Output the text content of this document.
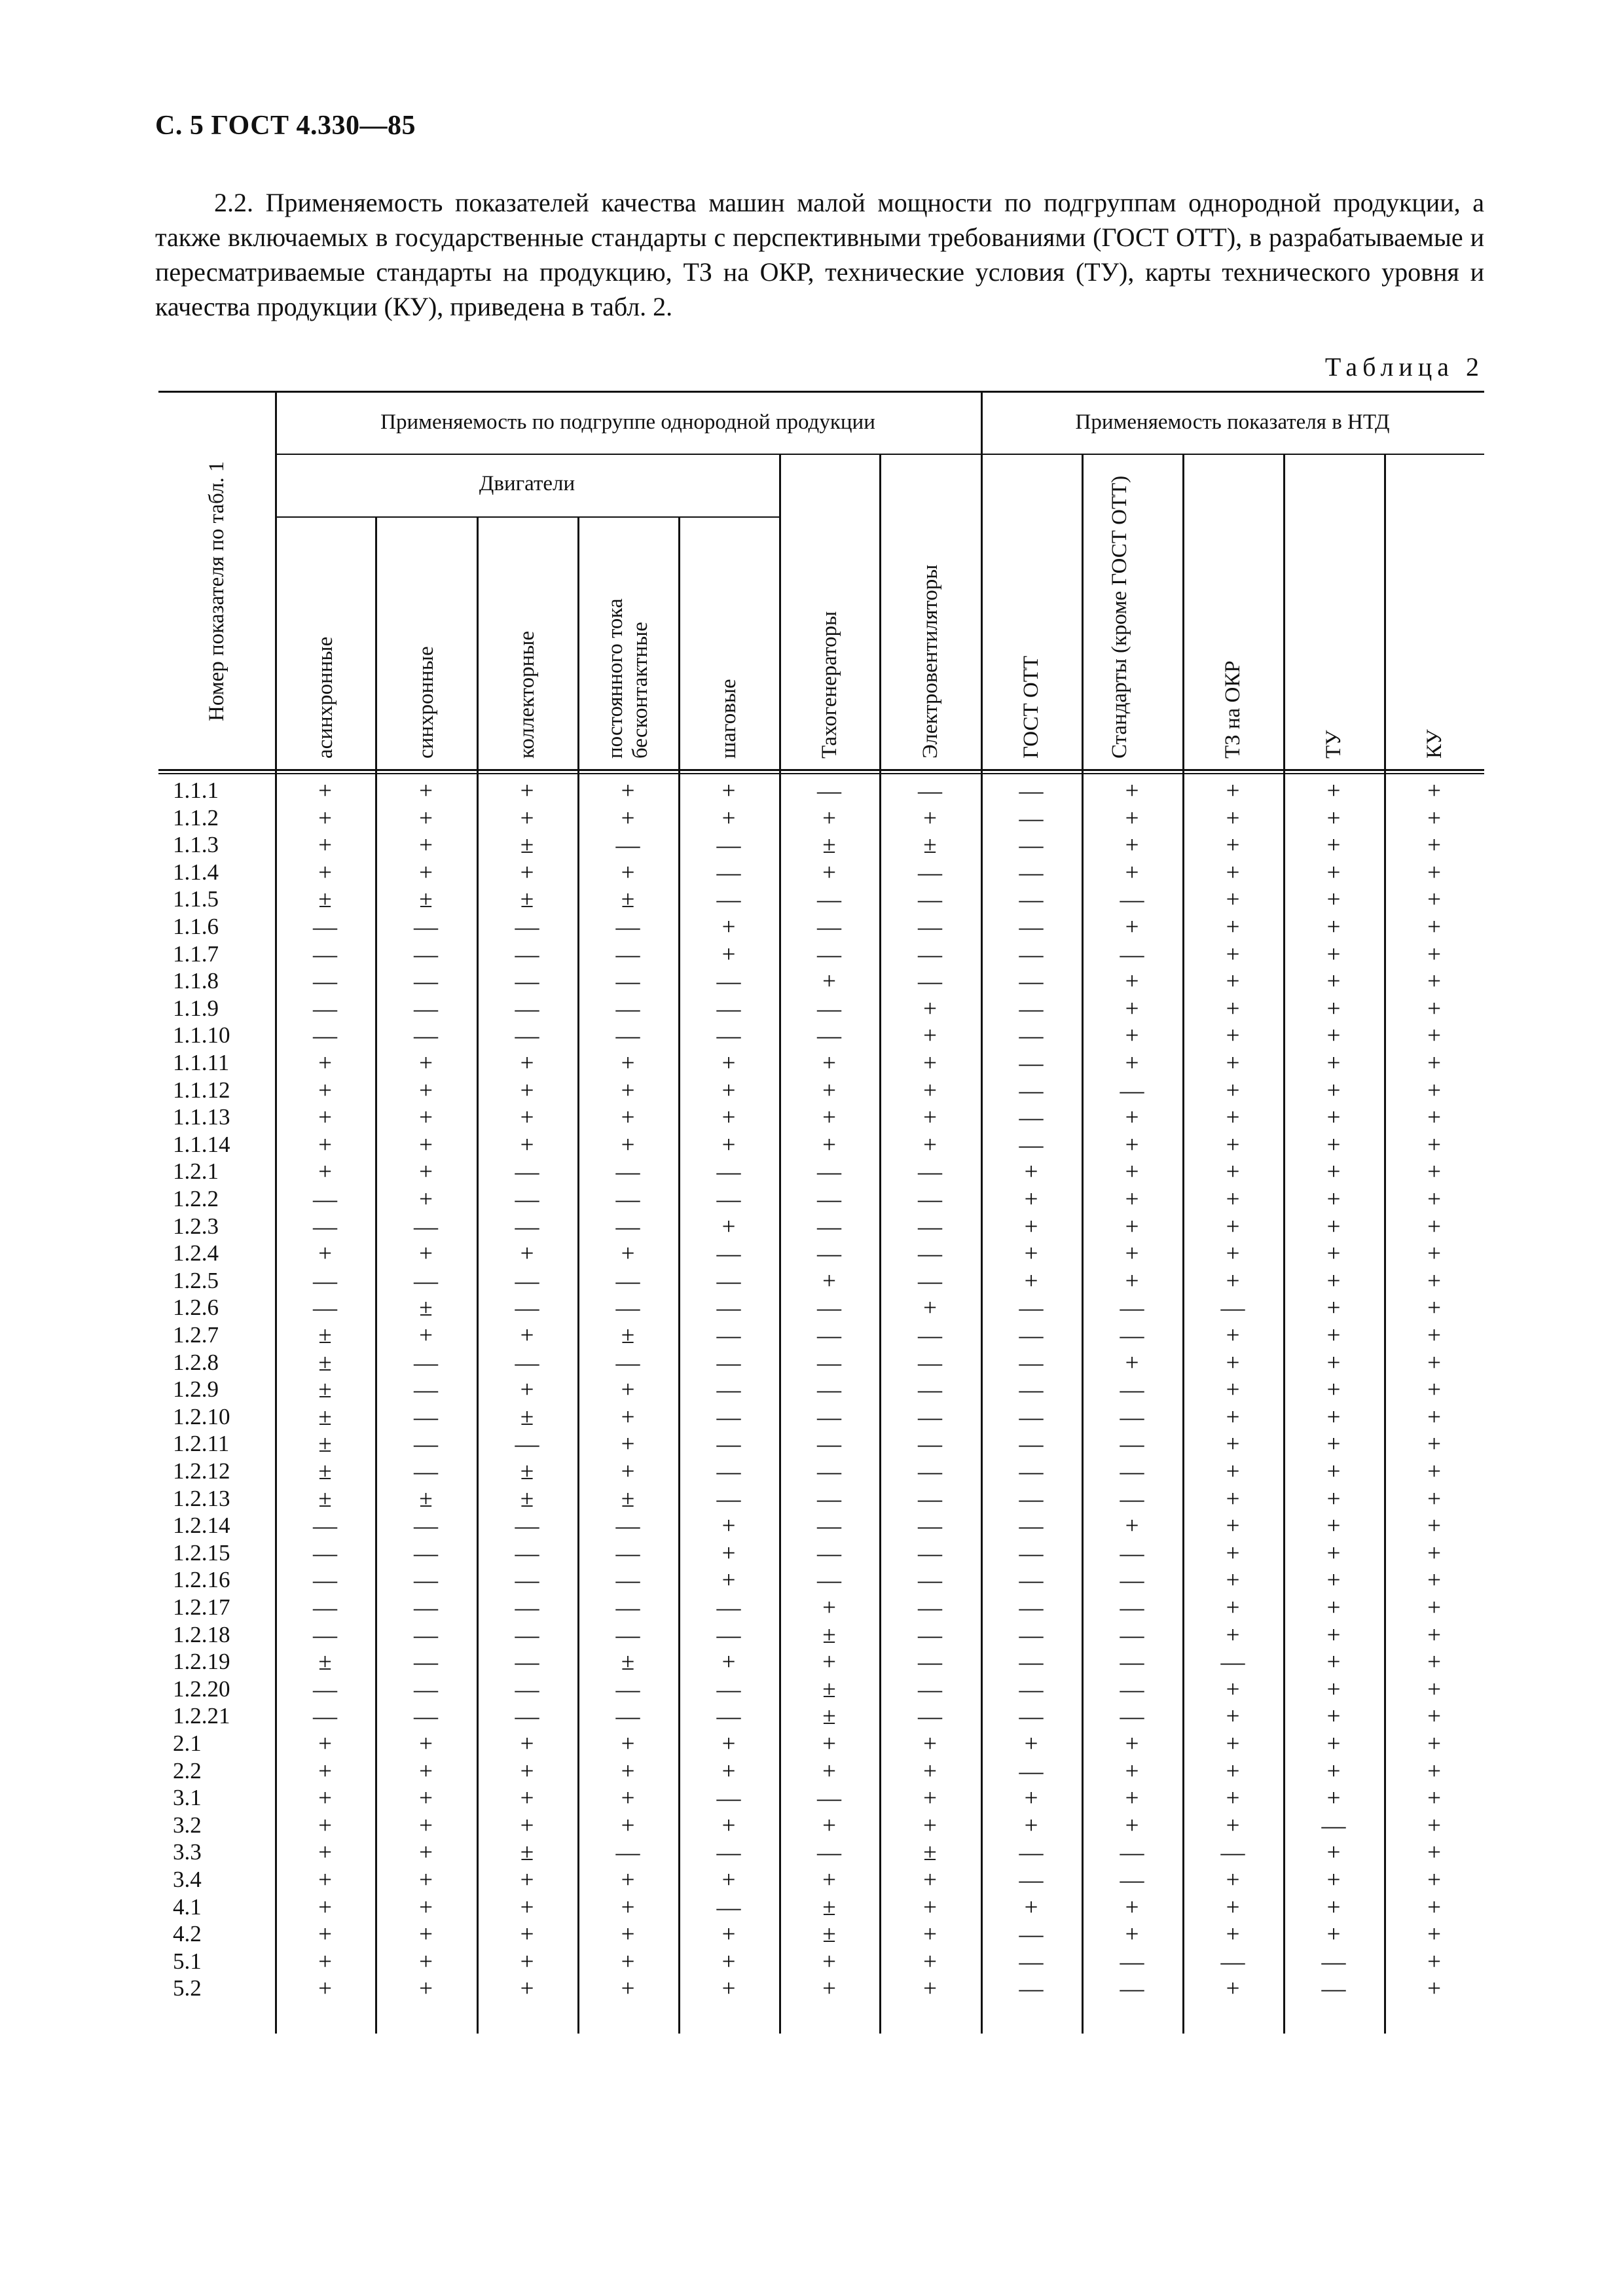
С. 5 ГОСТ 4.330—85
2.2. Применяемость показателей качества машин малой мощности по подгруппам однородной продукции, а также включаемых в государственные стандарты с перспективными требованиями (ГОСТ ОТТ), в разрабатываемые и пересматриваемые стандарты на продукцию, ТЗ на ОКР, технические условия (ТУ), карты технического уровня и качества продукции (КУ), приведена в табл. 2.
Таблица 2
Применяемость по подгруппе однородной продукции	Применяемость показателя в НТД
Двигатели
Номер показателя по табл. 1	асинхронные	синхронные	коллекторные	постоянного тока бесконтактные	шаговые	Тахогенераторы	Электровентиляторы	ГОСТ ОТТ	Стандарты (кроме ГОСТ ОТТ)	ТЗ на ОКР	ТУ	КУ
1.1.1	+	+	+	+	+	—	—	—	+	+	+	+
1.1.2	+	+	+	+	+	+	+	—	+	+	+	+
1.1.3	+	+	±	—	—	±	±	—	+	+	+	+
1.1.4	+	+	+	+	—	+	—	—	+	+	+	+
1.1.5	±	±	±	±	—	—	—	—	—	+	+	+
1.1.6	—	—	—	—	+	—	—	—	+	+	+	+
1.1.7	—	—	—	—	+	—	—	—	—	+	+	+
1.1.8	—	—	—	—	—	+	—	—	+	+	+	+
1.1.9	—	—	—	—	—	—	+	—	+	+	+	+
1.1.10	—	—	—	—	—	—	+	—	+	+	+	+
1.1.11	+	+	+	+	+	+	+	—	+	+	+	+
1.1.12	+	+	+	+	+	+	+	—	—	+	+	+
1.1.13	+	+	+	+	+	+	+	—	+	+	+	+
1.1.14	+	+	+	+	+	+	+	—	+	+	+	+
1.2.1	+	+	—	—	—	—	—	+	+	+	+	+
1.2.2	—	+	—	—	—	—	—	+	+	+	+	+
1.2.3	—	—	—	—	+	—	—	+	+	+	+	+
1.2.4	+	+	+	+	—	—	—	+	+	+	+	+
1.2.5	—	—	—	—	—	+	—	+	+	+	+	+
1.2.6	—	±	—	—	—	—	+	—	—	—	+	+
1.2.7	±	+	+	±	—	—	—	—	—	+	+	+
1.2.8	±	—	—	—	—	—	—	—	+	+	+	+
1.2.9	±	—	+	+	—	—	—	—	—	+	+	+
1.2.10	±	—	±	+	—	—	—	—	—	+	+	+
1.2.11	±	—	—	+	—	—	—	—	—	+	+	+
1.2.12	±	—	±	+	—	—	—	—	—	+	+	+
1.2.13	±	±	±	±	—	—	—	—	—	+	+	+
1.2.14	—	—	—	—	+	—	—	—	+	+	+	+
1.2.15	—	—	—	—	+	—	—	—	—	+	+	+
1.2.16	—	—	—	—	+	—	—	—	—	+	+	+
1.2.17	—	—	—	—	—	+	—	—	—	+	+	+
1.2.18	—	—	—	—	—	±	—	—	—	+	+	+
1.2.19	±	—	—	±	+	+	—	—	—	—	+	+
1.2.20	—	—	—	—	—	±	—	—	—	+	+	+
1.2.21	—	—	—	—	—	±	—	—	—	+	+	+
2.1	+	+	+	+	+	+	+	+	+	+	+	+
2.2	+	+	+	+	+	+	+	—	+	+	+	+
3.1	+	+	+	+	—	—	+	+	+	+	+	+
3.2	+	+	+	+	+	+	+	+	+	+	—	+
3.3	+	+	±	—	—	—	±	—	—	—	+	+
3.4	+	+	+	+	+	+	+	—	—	+	+	+
4.1	+	+	+	+	—	±	+	+	+	+	+	+
4.2	+	+	+	+	+	±	+	—	+	+	+	+
5.1	+	+	+	+	+	+	+	—	—	—	—	+
5.2	+	+	+	+	+	+	+	—	—	+	—	+
